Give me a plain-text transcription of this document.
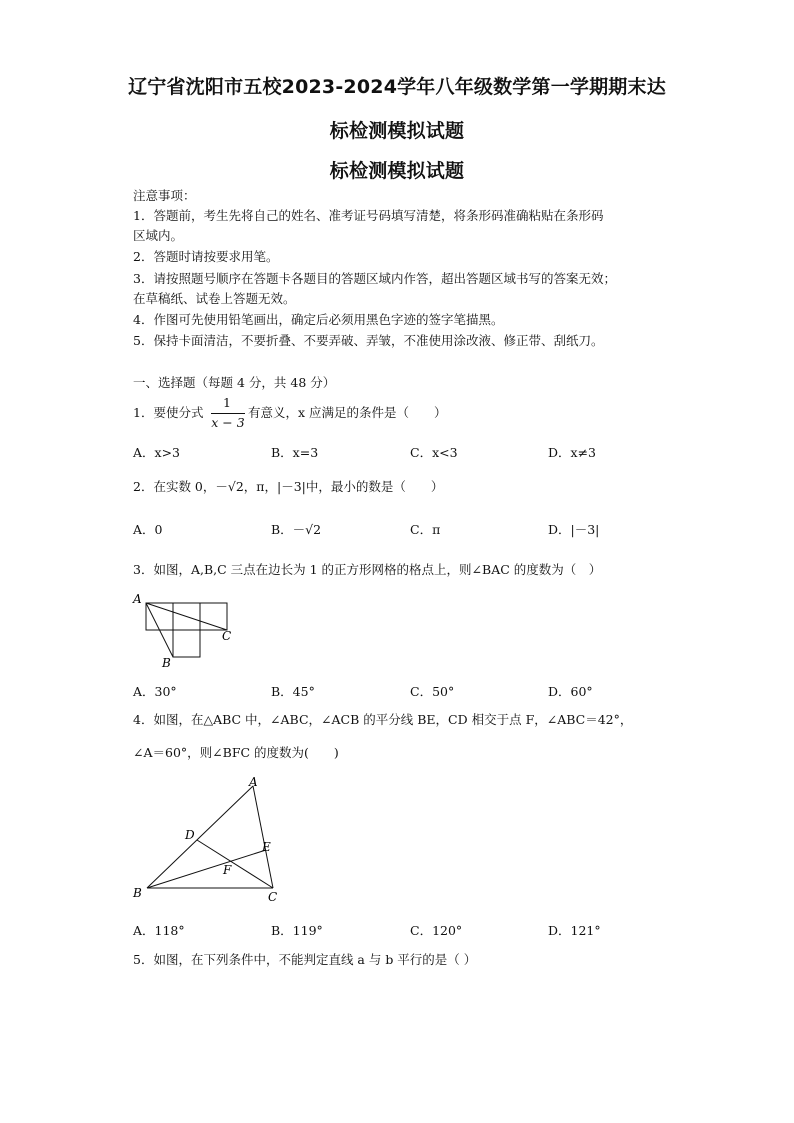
辽宁省沈阳市五校2023-2024学年八年级数学第一学期期末达
标检测模拟试题
标检测模拟试题
注意事项：
1．答题前，考生先将自己的姓名、准考证号码填写清楚，将条形码准确粘贴在条形码
区域内。
2．答题时请按要求用笔。
3．请按照题号顺序在答题卡各题目的答题区域内作答，超出答题区域书写的答案无效；
在草稿纸、试卷上答题无效。
4．作图可先使用铅笔画出，确定后必须用黑色字迹的签字笔描黑。
5．保持卡面清洁，不要折叠、不要弄破、弄皱，不准使用涂改液、修正带、刮纸刀。
一、选择题（每题 4 分，共 48 分）
1．要使分式
1
x − 3
有意义，x 应满足的条件是（　　）
A．x>3	B．x=3	C．x<3	D．x≠3
2．在实数 0，－√2，π，|－3|中，最小的数是（　　）
A．0	B．－√2	C．π	D．|－3|
3．如图，A,B,C 三点在边长为 1 的正方形网格的格点上，则∠BAC 的度数为（　）
A
B
C
A．30°	B．45°	C．50°	D．60°
4．如图，在△ABC 中，∠ABC，∠ACB 的平分线 BE，CD 相交于点 F，∠ABC＝42°，
∠A＝60°，则∠BFC 的度数为(　　)
A
B	C
D
E
F
A．118°	B．119°	C．120°	D．121°
5．如图，在下列条件中，不能判定直线 a 与 b 平行的是（ ）
